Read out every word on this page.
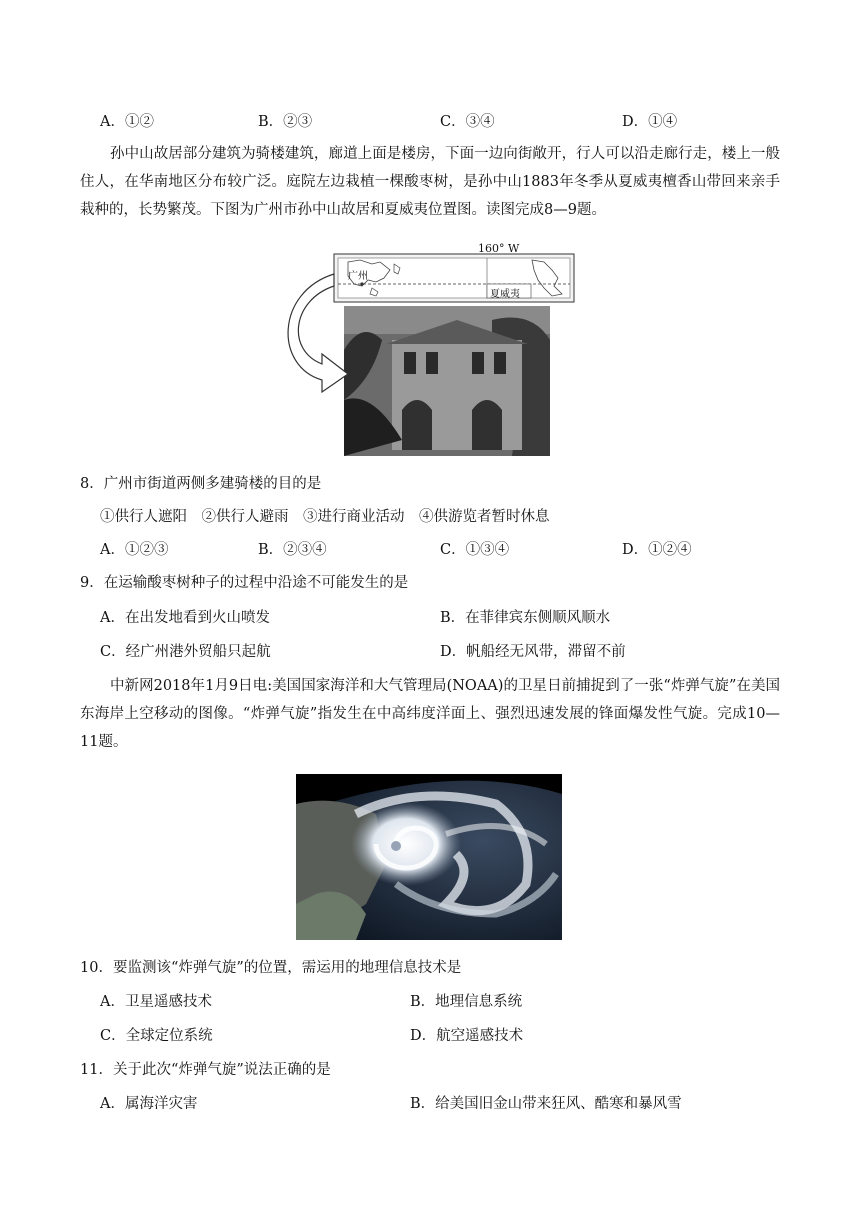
A．①②	B．②③	C．③④	D．①④
孙中山故居部分建筑为骑楼建筑，廊道上面是楼房，下面一边向街敞开，行人可以沿走廊行走，楼上一般住人，在华南地区分布较广泛。庭院左边栽植一棵酸枣树，是孙中山1883年冬季从夏威夷檀香山带回来亲手栽种的，长势繁茂。下图为广州市孙中山故居和夏威夷位置图。读图完成8—9题。
160° W
广州
夏威夷
8．广州市街道两侧多建骑楼的目的是
①供行人遮阳　②供行人避雨　③进行商业活动　④供游览者暂时休息
A．①②③	B．②③④	C．①③④	D．①②④
9．在运输酸枣树种子的过程中沿途不可能发生的是
A．在出发地看到火山喷发	B．在菲律宾东侧顺风顺水
C．经广州港外贸船只起航	D．帆船经无风带，滞留不前
中新网2018年1月9日电:美国国家海洋和大气管理局(NOAA)的卫星日前捕捉到了一张“炸弹气旋”在美国东海岸上空移动的图像。“炸弹气旋”指发生在中高纬度洋面上、强烈迅速发展的锋面爆发性气旋。完成10—11题。
10．要监测该“炸弹气旋”的位置，需运用的地理信息技术是
A．卫星遥感技术	B．地理信息系统
C．全球定位系统	D．航空遥感技术
11．关于此次“炸弹气旋”说法正确的是
A．属海洋灾害	B．给美国旧金山带来狂风、酷寒和暴风雪
